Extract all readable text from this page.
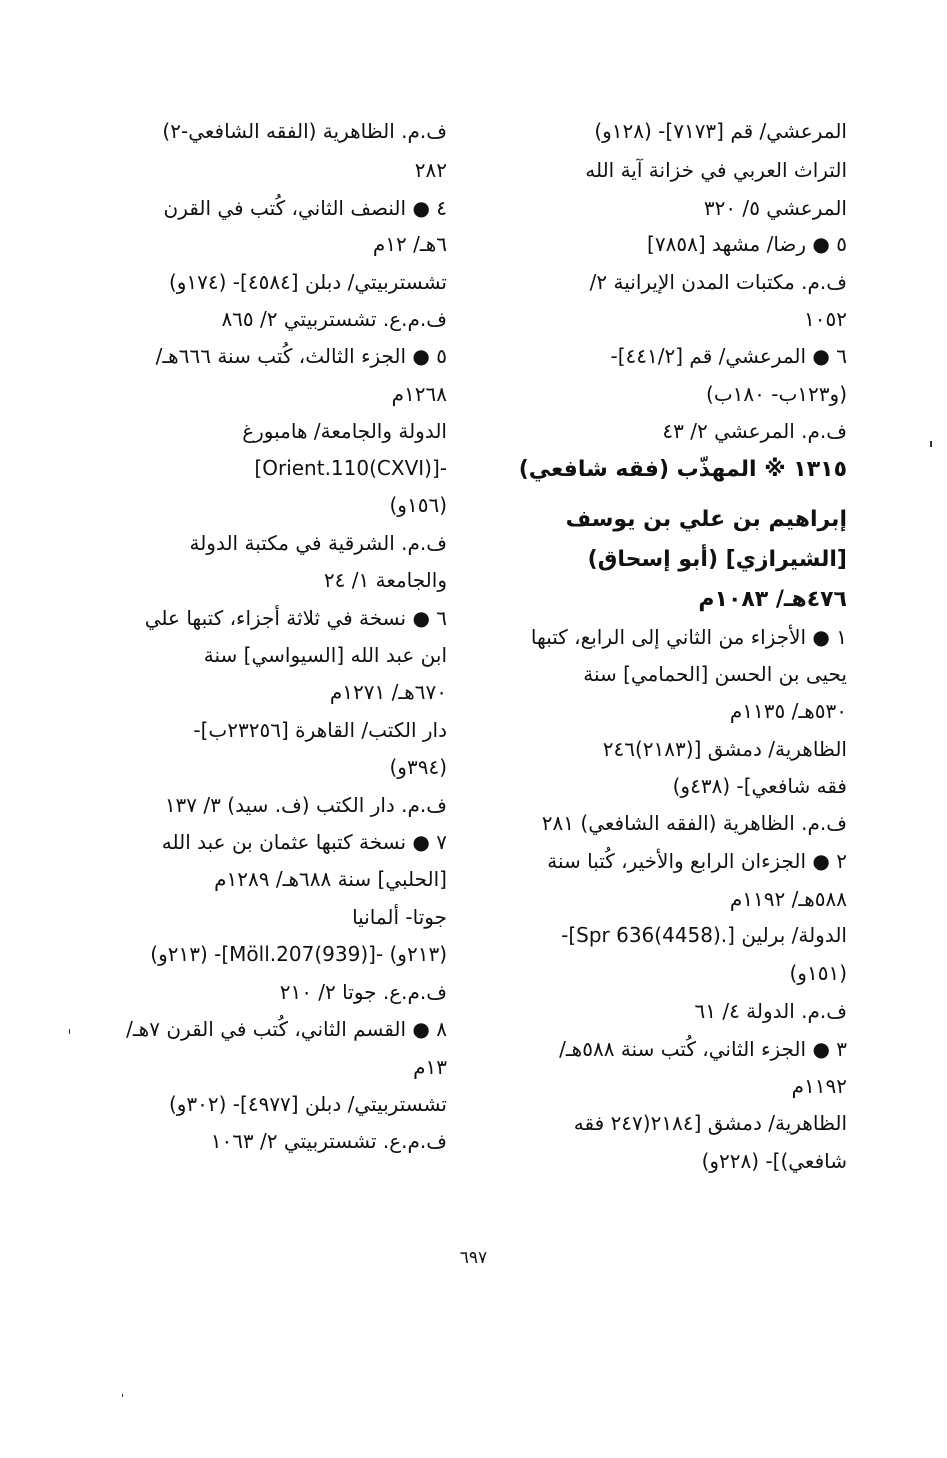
المرعشي/ قم [٧١٧٣]- (١٢٨و)
التراث العربي في خزانة آية الله
المرعشي ٥/ ٣٢٠
٥ ● رضا/ مشهد [٧٨٥٨]
ف.م. مكتبات المدن الإيرانية ٢/
١٠٥٢
٦ ● المرعشي/ قم [٤٤١/٢]-
(و١٢٣ب- ١٨٠ب)
ف.م. المرعشي ٢/ ٤٣
١٣١٥ ※ المهذّب (فقه شافعي)
إبراهيم بن علي بن يوسف
[الشيرازي] (أبو إسحاق)
٤٧٦هـ/ ١٠٨٣م
١ ● الأجزاء من الثاني إلى الرابع، كتبها
يحيى بن الحسن [الحمامي] سنة
٥٣٠هـ/ ١١٣٥م
الظاهرية/ دمشق [(٢١٨٣)٢٤٦
فقه شافعي]- (٤٣٨و)
ف.م. الظاهرية (الفقه الشافعي) ٢٨١
٢ ● الجزءان الرابع والأخير، كُتبا سنة
٥٨٨هـ/ ١١٩٢م
الدولة/ برلين [.Spr 636(4458)]-
(١٥١و)
ف.م. الدولة ٤/ ٦١
٣ ● الجزء الثاني، كُتب سنة ٥٨٨هـ/
١١٩٢م
الظاهرية/ دمشق [٢١٨٤(٢٤٧ فقه
شافعي)]- (٢٢٨و)
ف.م. الظاهرية (الفقه الشافعي-٢)
٢٨٢
٤ ● النصف الثاني، كُتب في القرن
٦هـ/ ١٢م
تشستربيتي/ دبلن [٤٥٨٤]- (١٧٤و)
ف.م.ع. تشستربيتي ٢/ ٨٦٥
٥ ● الجزء الثالث، كُتب سنة ٦٦٦هـ/
١٢٦٨م
الدولة والجامعة/ هامبورغ
-[Orient.110(CXVI)]
(١٥٦و)
ف.م. الشرقية في مكتبة الدولة
والجامعة ١/ ٢٤
٦ ● نسخة في ثلاثة أجزاء، كتبها علي
ابن عبد الله [السيواسي] سنة
٦٧٠هـ/ ١٢٧١م
دار الكتب/ القاهرة [٢٣٢٥٦ب]-
(٣٩٤و)
ف.م. دار الكتب (ف. سيد) ٣/ ١٣٧
٧ ● نسخة كتبها عثمان بن عبد الله
[الحلبي] سنة ٦٨٨هـ/ ١٢٨٩م
جوتا- ألمانيا
(٢١٣و) -[(939)Möll.207]- (٢١٣و)
ف.م.ع. جوتا ٢/ ٢١٠
٨ ● القسم الثاني، كُتب في القرن ٧هـ/
١٣م
تشستربيتي/ دبلن [٤٩٧٧]- (٣٠٢و)
ف.م.ع. تشستربيتي ٢/ ١٠٦٣
٦٩٧
